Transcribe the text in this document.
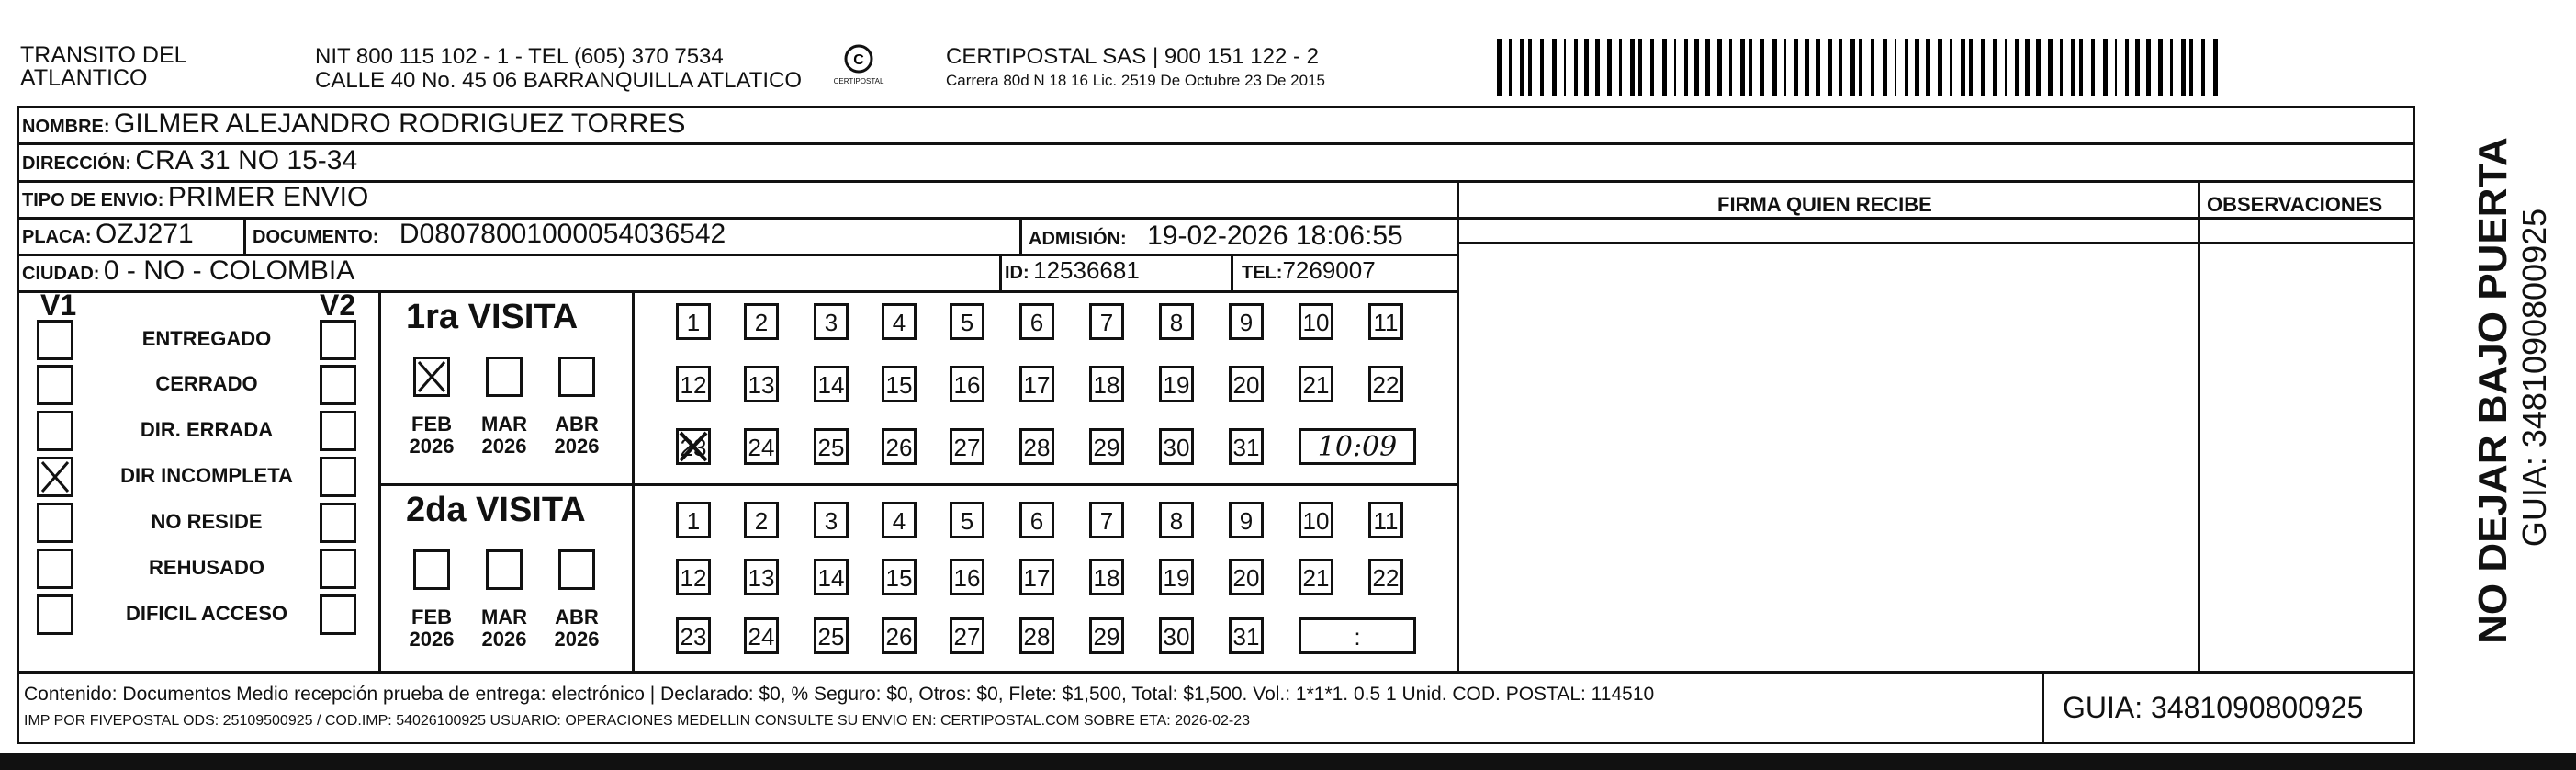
TRANSITO DEL
ATLANTICO
NIT 800 115 102 - 1 - TEL (605) 370 7534
CALLE 40 No. 45 06 BARRANQUILLA ATLATICO
C
CERTIPOSTAL
CERTIPOSTAL SAS | 900 151 122 - 2
Carrera 80d N 18 16 Lic. 2519 De Octubre 23 De 2015
NOMBRE: GILMER ALEJANDRO RODRIGUEZ TORRES
DIRECCIÓN: CRA 31 NO 15-34
TIPO DE ENVIO: PRIMER ENVIO
PLACA: OZJ271	DOCUMENTO: D08078001000054036542	ADMISIÓN: 19-02-2026 18:06:55
CIUDAD: 0 - NO - COLOMBIA	ID: 12536681	TEL:7269007
FIRMA QUIEN RECIBE	OBSERVACIONES
V1	V2
ENTREGADO
CERRADO
DIR. ERRADA
DIR INCOMPLETA
NO RESIDE
REHUSADO
DIFICIL ACCESO
1ra VISITA
2da VISITA
FEB
2026
MAR
2026
ABR
2026
FEB
2026
MAR
2026
ABR
2026
1	2	3	4	5	6	7	8	9	10 11
12 13 14 15 16 17 18 19 20 21 22
23 24 25 26 27 28 29 30 31
1	2	3	4	5	6	7	8	9	10 11
12 13 14 15 16 17 18 19 20 21 22
23 24 25 26 27 28 29 30 31
10:09
:
Contenido: Documentos Medio recepción prueba de entrega: electrónico | Declarado: $0, % Seguro: $0, Otros: $0, Flete: $1,500, Total: $1,500. Vol.: 1*1*1. 0.5 1 Unid. COD. POSTAL: 114510
IMP POR FIVEPOSTAL ODS: 25109500925 / COD.IMP: 54026100925 USUARIO: OPERACIONES MEDELLIN CONSULTE SU ENVIO EN: CERTIPOSTAL.COM SOBRE ETA: 2026-02-23	GUIA: 3481090800925
NO DEJAR BAJO PUERTA GUIA: 3481090800925
